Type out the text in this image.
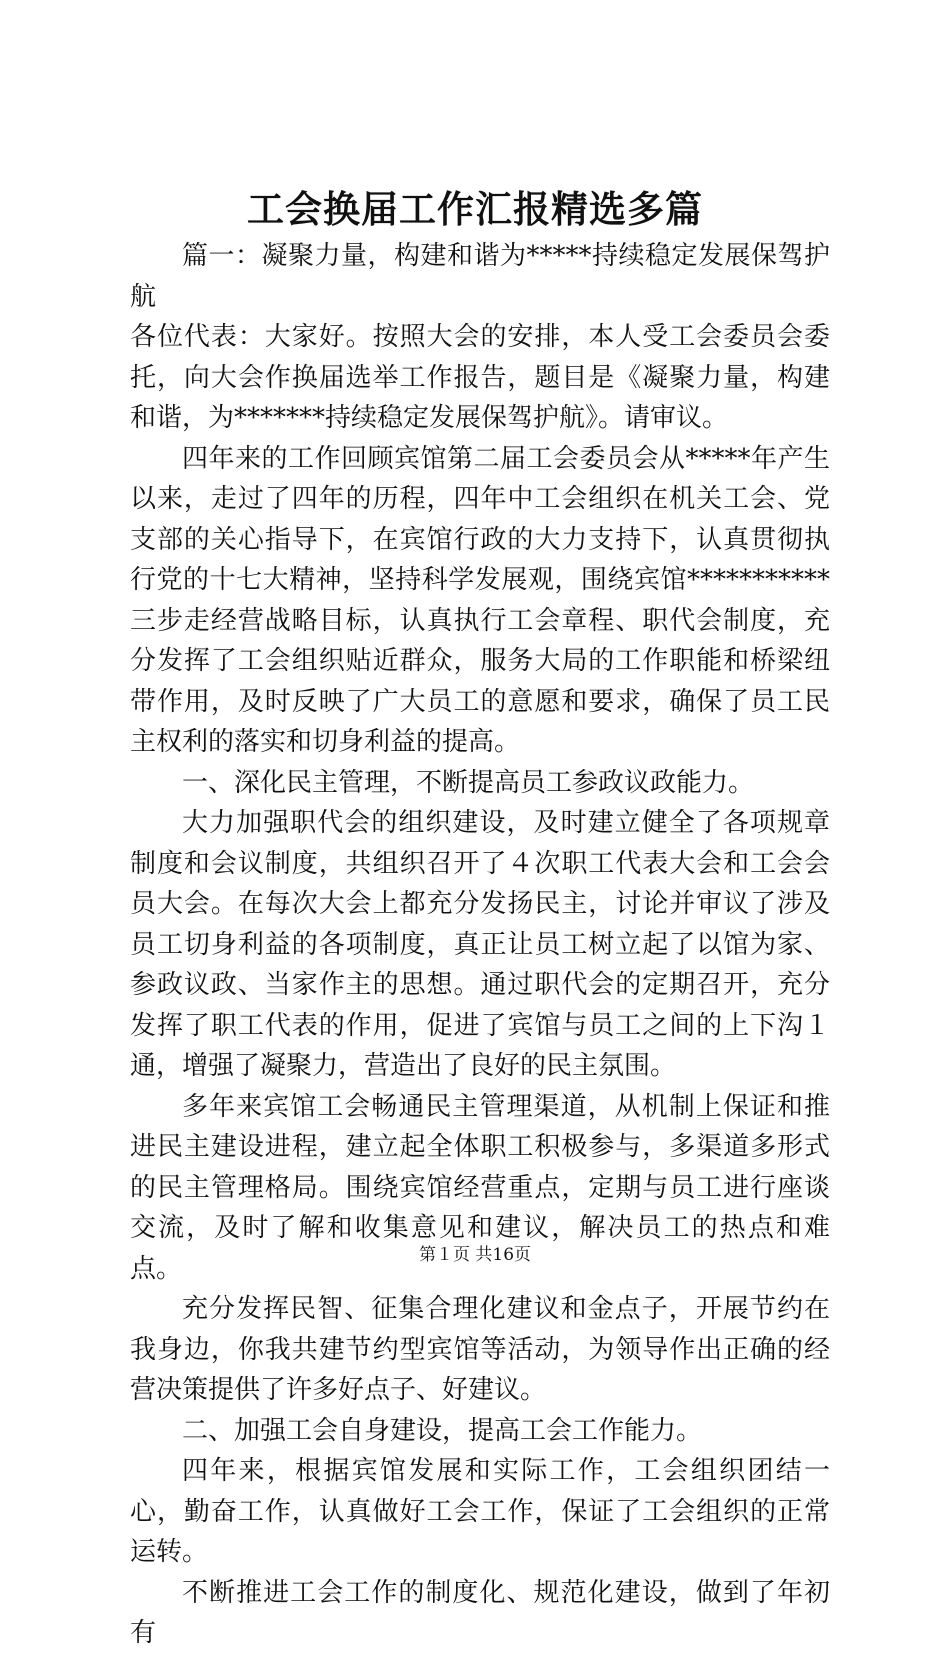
工会换届工作汇报精选多篇

篇一：凝聚力量，构建和谐为*****持续稳定发展保驾护航

各位代表：大家好。按照大会的安排，本人受工会委员会委托，向大会作换届选举工作报告，题目是《凝聚力量，构建和谐，为*******持续稳定发展保驾护航》。请审议。

四年来的工作回顾宾馆第二届工会委员会从*****年产生以来，走过了四年的历程，四年中工会组织在机关工会、党支部的关心指导下，在宾馆行政的大力支持下，认真贯彻执行党的十七大精神，坚持科学发展观，围绕宾馆***********三步走经营战略目标，认真执行工会章程、职代会制度，充分发挥了工会组织贴近群众，服务大局的工作职能和桥梁纽带作用，及时反映了广大员工的意愿和要求，确保了员工民主权利的落实和切身利益的提高。

一、深化民主管理，不断提高员工参政议政能力。

大力加强职代会的组织建设，及时建立健全了各项规章制度和会议制度，共组织召开了４次职工代表大会和工会会员大会。在每次大会上都充分发扬民主，讨论并审议了涉及员工切身利益的各项制度，真正让员工树立起了以馆为家、参政议政、当家作主的思想。通过职代会的定期召开，充分发挥了职工代表的作用，促进了宾馆与员工之间的上下沟１通，增强了凝聚力，营造出了良好的民主氛围。

多年来宾馆工会畅通民主管理渠道，从机制上保证和推进民主建设进程，建立起全体职工积极参与，多渠道多形式的民主管理格局。围绕宾馆经营重点，定期与员工进行座谈交流，及时了解和收集意见和建议，解决员工的热点和难点。

充分发挥民智、征集合理化建议和金点子，开展节约在我身边，你我共建节约型宾馆等活动，为领导作出正确的经营决策提供了许多好点子、好建议。

二、加强工会自身建设，提高工会工作能力。

四年来，根据宾馆发展和实际工作，工会组织团结一心，勤奋工作，认真做好工会工作，保证了工会组织的正常运转。

不断推进工会工作的制度化、规范化建设，做到了年初有

第１页 共16页
